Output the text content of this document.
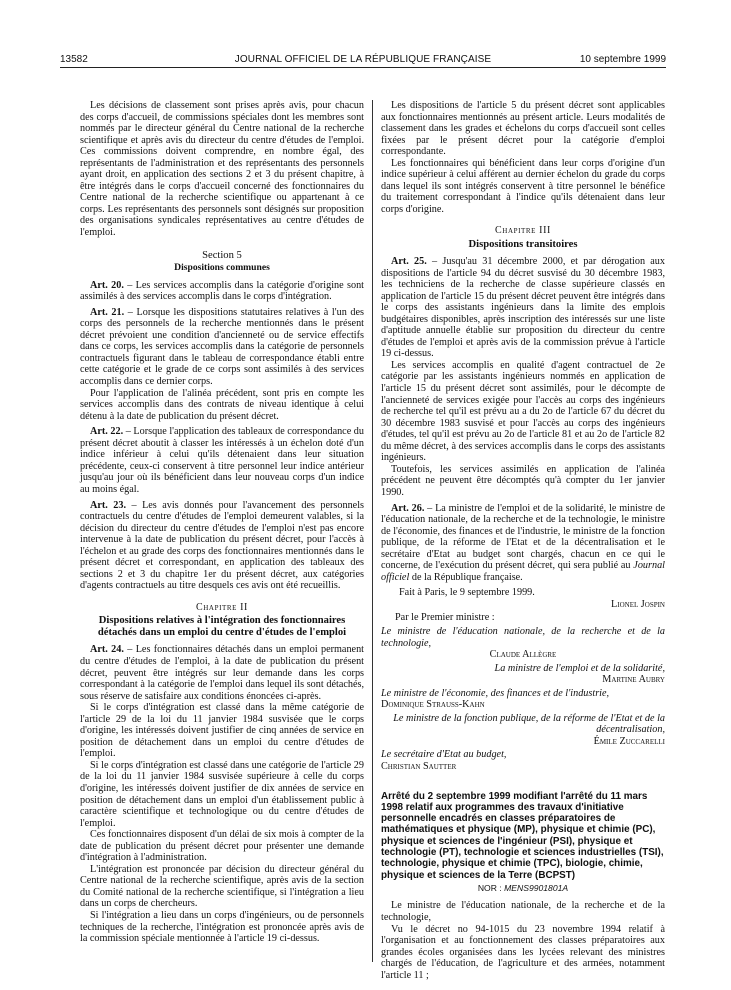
13582	JOURNAL OFFICIEL DE LA RÉPUBLIQUE FRANÇAISE	10 septembre 1999

Les décisions de classement sont prises après avis, pour chacun des corps d'accueil, de commissions spéciales dont les membres sont nommés par le directeur général du Centre national de la recherche scientifique et après avis du directeur du centre d'études de l'emploi. Ces commissions doivent comprendre, en nombre égal, des représentants de l'administration et des représentants des personnels ayant droit, en application des sections 2 et 3 du présent chapitre, à être intégrés dans le corps d'accueil concerné des fonctionnaires du Centre national de la recherche scientifique ou appartenant à ce corps. Les représentants des personnels sont désignés sur proposition des organisations syndicales représentatives au centre d'études de l'emploi.

Section 5
Dispositions communes

Art. 20. – Les services accomplis dans la catégorie d'origine sont assimilés à des services accomplis dans le corps d'intégration.

Art. 21. – Lorsque les dispositions statutaires relatives à l'un des corps des personnels de la recherche mentionnés dans le présent décret prévoient une condition d'ancienneté ou de service effectifs dans ce corps, les services accomplis dans la catégorie de personnels contractuels figurant dans le tableau de correspondance établi entre cette catégorie et le grade de ce corps sont assimilés à des services accomplis dans ce dernier corps.

Pour l'application de l'alinéa précédent, sont pris en compte les services accomplis dans des contrats de niveau identique à celui détenu à la date de publication du présent décret.

Art. 22. – Lorsque l'application des tableaux de correspondance du présent décret aboutit à classer les intéressés à un échelon doté d'un indice inférieur à celui qu'ils détenaient dans leur situation précédente, ceux-ci conservent à titre personnel leur indice antérieur jusqu'au jour où ils bénéficient dans leur nouveau corps d'un indice au moins égal.

Art. 23. – Les avis donnés pour l'avancement des personnels contractuels du centre d'études de l'emploi demeurent valables, si la décision du directeur du centre d'études de l'emploi n'est pas encore intervenue à la date de publication du présent décret, pour l'accès à l'échelon et au grade des corps des fonctionnaires mentionnés dans le présent décret et correspondant, en application des tableaux des sections 2 et 3 du chapitre 1er du présent décret, aux catégories d'agents contractuels au titre desquels ces avis ont été recueillis.

Chapitre II
Dispositions relatives à l'intégration des fonctionnaires détachés dans un emploi du centre d'études de l'emploi

Art. 24. – Les fonctionnaires détachés dans un emploi permanent du centre d'études de l'emploi, à la date de publication du présent décret, peuvent être intégrés sur leur demande dans les corps correspondant à la catégorie de l'emploi dans lequel ils sont détachés, sous réserve de satisfaire aux conditions énoncées ci-après.

Si le corps d'intégration est classé dans la même catégorie de l'article 29 de la loi du 11 janvier 1984 susvisée que le corps d'origine, les intéressés doivent justifier de cinq années de service en position de détachement dans un emploi du centre d'études de l'emploi.

Si le corps d'intégration est classé dans une catégorie de l'article 29 de la loi du 11 janvier 1984 susvisée supérieure à celle du corps d'origine, les intéressés doivent justifier de dix années de service en position de détachement dans un emploi d'un établissement public à caractère scientifique et technologique ou du centre d'études de l'emploi.

Ces fonctionnaires disposent d'un délai de six mois à compter de la date de publication du présent décret pour présenter une demande d'intégration à l'administration.

L'intégration est prononcée par décision du directeur général du Centre national de la recherche scientifique, après avis de la section du Comité national de la recherche scientifique, si l'intégration a lieu dans un corps de chercheurs.

Si l'intégration a lieu dans un corps d'ingénieurs, ou de personnels techniques de la recherche, l'intégration est prononcée après avis de la commission spéciale mentionnée à l'article 19 ci-dessus.

Les dispositions de l'article 5 du présent décret sont applicables aux fonctionnaires mentionnés au présent article. Leurs modalités de classement dans les grades et échelons du corps d'accueil sont celles fixées par le présent décret pour la catégorie d'emploi correspondante.

Les fonctionnaires qui bénéficient dans leur corps d'origine d'un indice supérieur à celui afférent au dernier échelon du grade du corps dans lequel ils sont intégrés conservent à titre personnel le bénéfice du traitement correspondant à l'indice qu'ils détenaient dans leur corps d'origine.

Chapitre III
Dispositions transitoires

Art. 25. – Jusqu'au 31 décembre 2000, et par dérogation aux dispositions de l'article 94 du décret susvisé du 30 décembre 1983, les techniciens de la recherche de classe supérieure classés en application de l'article 15 du présent décret peuvent être intégrés dans le corps des assistants ingénieurs dans la limite des emplois budgétaires disponibles, après inscription des intéressés sur une liste d'aptitude annuelle établie sur proposition du directeur du centre d'études de l'emploi et après avis de la commission prévue à l'article 19 ci-dessus.

Les services accomplis en qualité d'agent contractuel de 2e catégorie par les assistants ingénieurs nommés en application de l'article 15 du présent décret sont assimilés, pour le décompte de l'ancienneté de services exigée pour l'accès au corps des ingénieurs de recherche tel qu'il est prévu au a du 2o de l'article 67 du décret du 30 décembre 1983 susvisé et pour l'accès au corps des ingénieurs d'études, tel qu'il est prévu au 2o de l'article 81 et au 2o de l'article 82 du même décret, à des services accomplis dans le corps des assistants ingénieurs.

Toutefois, les services assimilés en application de l'alinéa précédent ne peuvent être décomptés qu'à compter du 1er janvier 1990.

Art. 26. – La ministre de l'emploi et de la solidarité, le ministre de l'éducation nationale, de la recherche et de la technologie, le ministre de l'économie, des finances et de l'industrie, le ministre de la fonction publique, de la réforme de l'Etat et de la décentralisation et le secrétaire d'Etat au budget sont chargés, chacun en ce qui le concerne, de l'exécution du présent décret, qui sera publié au Journal officiel de la République française.

Fait à Paris, le 9 septembre 1999.

Lionel Jospin

Par le Premier ministre :

Le ministre de l'éducation nationale, de la recherche et de la technologie,
Claude Allègre
La ministre de l'emploi et de la solidarité,
Martine Aubry
Le ministre de l'économie, des finances et de l'industrie,
Dominique Strauss-Kahn
Le ministre de la fonction publique, de la réforme de l'Etat et de la décentralisation,
Émile Zuccarelli
Le secrétaire d'Etat au budget,
Christian Sautter
Arrêté du 2 septembre 1999 modifiant l'arrêté du 11 mars 1998 relatif aux programmes des travaux d'initiative personnelle encadrés en classes préparatoires de mathématiques et physique (MP), physique et chimie (PC), physique et sciences de l'ingénieur (PSI), physique et technologie (PT), technologie et sciences industrielles (TSI), technologie, physique et chimie (TPC), biologie, chimie, physique et sciences de la Terre (BCPST)
NOR : MENS9901801A

Le ministre de l'éducation nationale, de la recherche et de la technologie,

Vu le décret no 94-1015 du 23 novembre 1994 relatif à l'organisation et au fonctionnement des classes préparatoires aux grandes écoles organisées dans les lycées relevant des ministres chargés de l'éducation, de l'agriculture et des armées, notamment l'article 11 ;
